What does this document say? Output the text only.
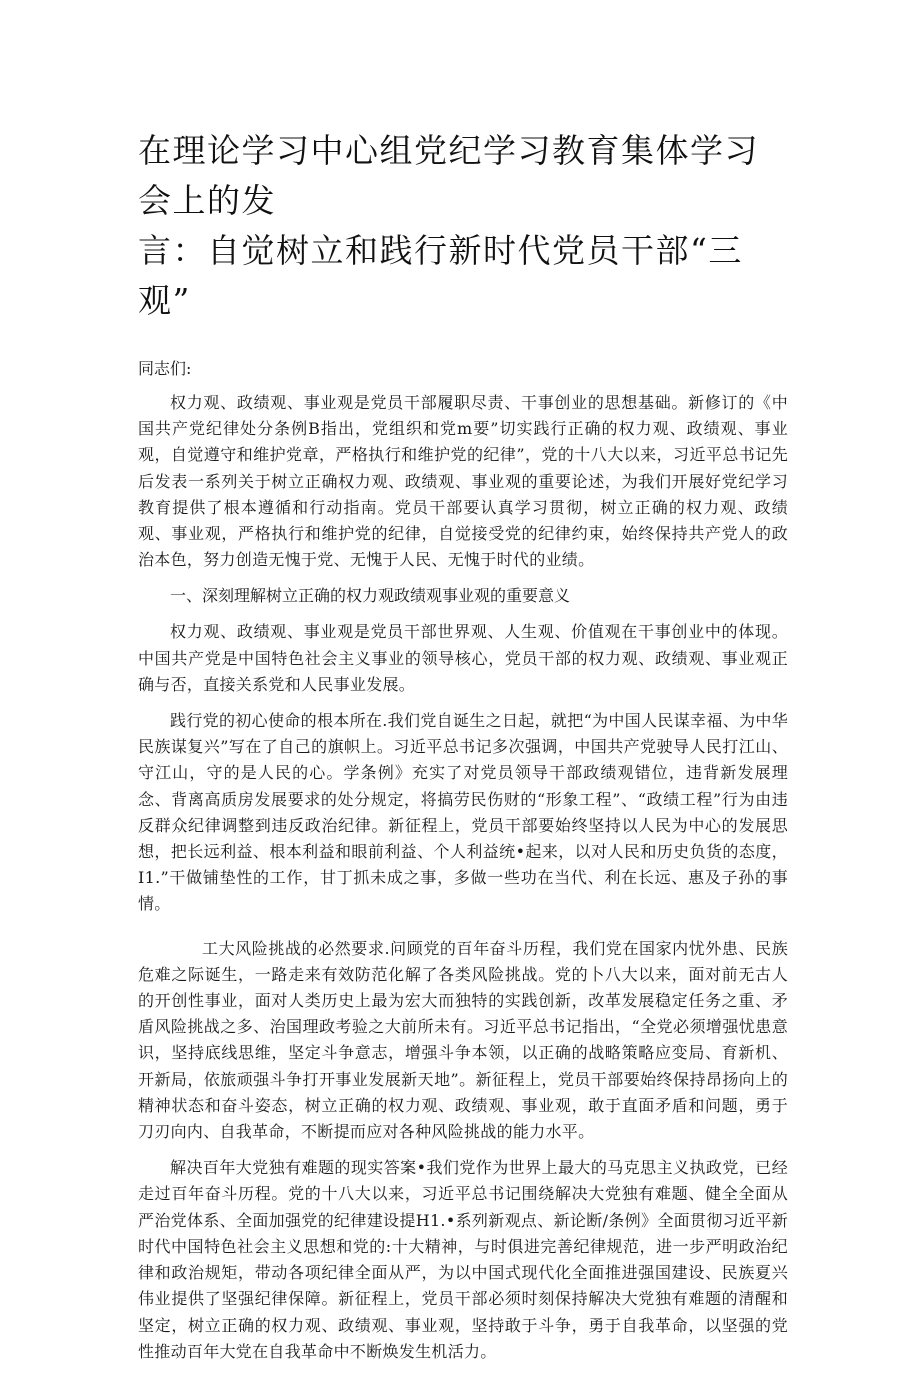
在理论学习中心组党纪学习教育集体学习会上的发
言：自觉树立和践行新时代党员干部“三观”
同志们:

权力观、政绩观、事业观是党员干部履职尽责、干事创业的思想基础。新修订的《中国共产党纪律处分条例B指出，党组织和党m要”切实践行正确的权力观、政绩观、事业观，自觉遵守和维护党章，严格执行和维护党的纪律”，党的十八大以来，习近平总书记先后发表一系列关于树立正确权力观、政绩观、事业观的重要论述，为我们开展好党纪学习教育提供了根本遵循和行动指南。党员干部要认真学习贯彻，树立正确的权力观、政绩观、事业观，严格执行和维护党的纪律，自觉接受党的纪律约束，始终保持共产党人的政治本色，努力创造无愧于党、无愧于人民、无愧于时代的业绩。

一、深刻理解树立正确的权力观政绩观事业观的重要意义

权力观、政绩观、事业观是党员干部世界观、人生观、价值观在干事创业中的体现。中国共产党是中国特色社会主义事业的领导核心，党员干部的权力观、政绩观、事业观正确与否，直接关系党和人民事业发展。

践行党的初心使命的根本所在.我们党自诞生之日起，就把“为中国人民谋幸福、为中华民族谋复兴”写在了自己的旗帜上。习近平总书记多次强调，中国共产党驶导人民打江山、守江山，守的是人民的心。学条例》充实了对党员领导干部政绩观错位，违背新发展理念、背离高质房发展要求的处分规定，将搞劳民伤财的“形象工程”、“政绩工程”行为由违反群众纪律调整到违反政治纪律。新征程上，党员干部要始终坚持以人民为中心的发展思想，把长远利益、根本利益和眼前利益、个人利益统•起来，以对人民和历史负货的态度，I1.”干做铺垫性的工作，甘丁抓未成之事，多做一些功在当代、利在长远、惠及子孙的事情。

工大风险挑战的必然要求.问顾党的百年奋斗历程，我们党在国家内忧外患、民族危难之际诞生，一路走来有效防范化解了各类风险挑战。党的卜八大以来，面对前无古人的开创性事业，面对人类历史上最为宏大而独特的实践创新，改革发展稳定任务之重、矛盾风险挑战之多、治国理政考验之大前所未有。习近平总书记指出，“全党必须增强忧患意识，坚持底线思维，坚定斗争意志，增强斗争本领，以正确的战略策略应变局、育新机、开新局，依旅顽强斗争打开事业发展新天地”。新征程上，党员干部要始终保持昂扬向上的精神状态和奋斗姿态，树立正确的权力观、政绩观、事业观，敢于直面矛盾和问题，勇于刀刃向内、自我革命，不断提而应对各种风险挑战的能力水平。

解决百年大党独有难题的现实答案•我们党作为世界上最大的马克思主义执政党，已经走过百年奋斗历程。党的十八大以来，习近平总书记围绕解决大党独有难题、健全全面从严治党体系、全面加强党的纪律建设提H1.•系列新观点、新论断/条例》全面贯彻习近平新时代中国特色社会主义思想和党的:十大精神，与时俱进完善纪律规范，进一步严明政治纪律和政治规矩，带动各项纪律全面从严，为以中国式现代化全面推进强国建设、民族夏兴伟业提供了坚强纪律保障。新征程上，党员干部必须时刻保持解决大党独有难题的清醒和坚定，树立正确的权力观、政绩观、事业观，坚持敢于斗争，勇于自我革命，以坚强的党性推动百年大党在自我革命中不断焕发生机活力。
